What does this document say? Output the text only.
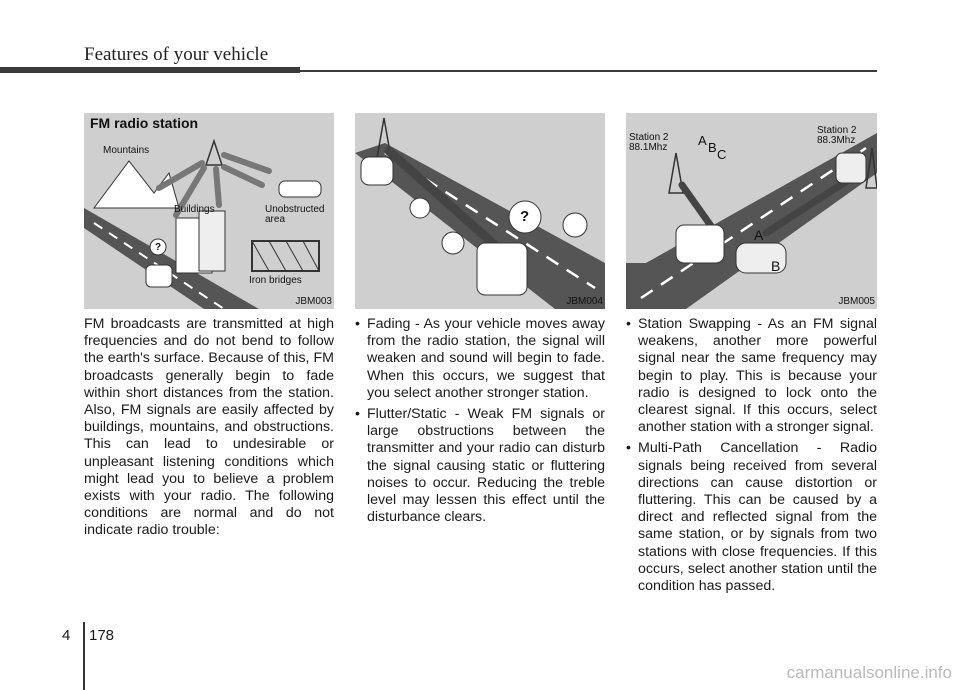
Features of your vehicle
FM radio station
Mountains
Buildings	Unobstructed
area
Iron bridges
?
JBM003
?
JBM004
Station 2
88.1Mhz
Station 2
88.3Mhz
A B C
A
B
JBM005

FM broadcasts are transmitted at high frequencies and do not bend to follow the earth's surface. Because of this, FM broadcasts generally begin to fade within short distances from the station. Also, FM signals are easily affected by buildings, mountains, and obstructions. This can lead to undesirable or unpleasant listening conditions which might lead you to believe a problem exists with your radio. The following conditions are normal and do not indicate radio trouble:

• Fading - As your vehicle moves away from the radio station, the signal will weaken and sound will begin to fade. When this occurs, we suggest that you select another stronger station.
• Flutter/Static - Weak FM signals or large obstructions between the transmitter and your radio can disturb the signal causing static or fluttering noises to occur. Reducing the treble level may lessen this effect until the disturbance clears.
• Station Swapping - As an FM signal weakens, another more powerful signal near the same frequency may begin to play. This is because your radio is designed to lock onto the clearest signal. If this occurs, select another station with a stronger signal.
• Multi-Path Cancellation - Radio signals being received from several directions can cause distortion or fluttering. This can be caused by a direct and reflected signal from the same station, or by signals from two stations with close frequencies. If this occurs, select another station until the condition has passed.
4 178
carmanualsonline.info
